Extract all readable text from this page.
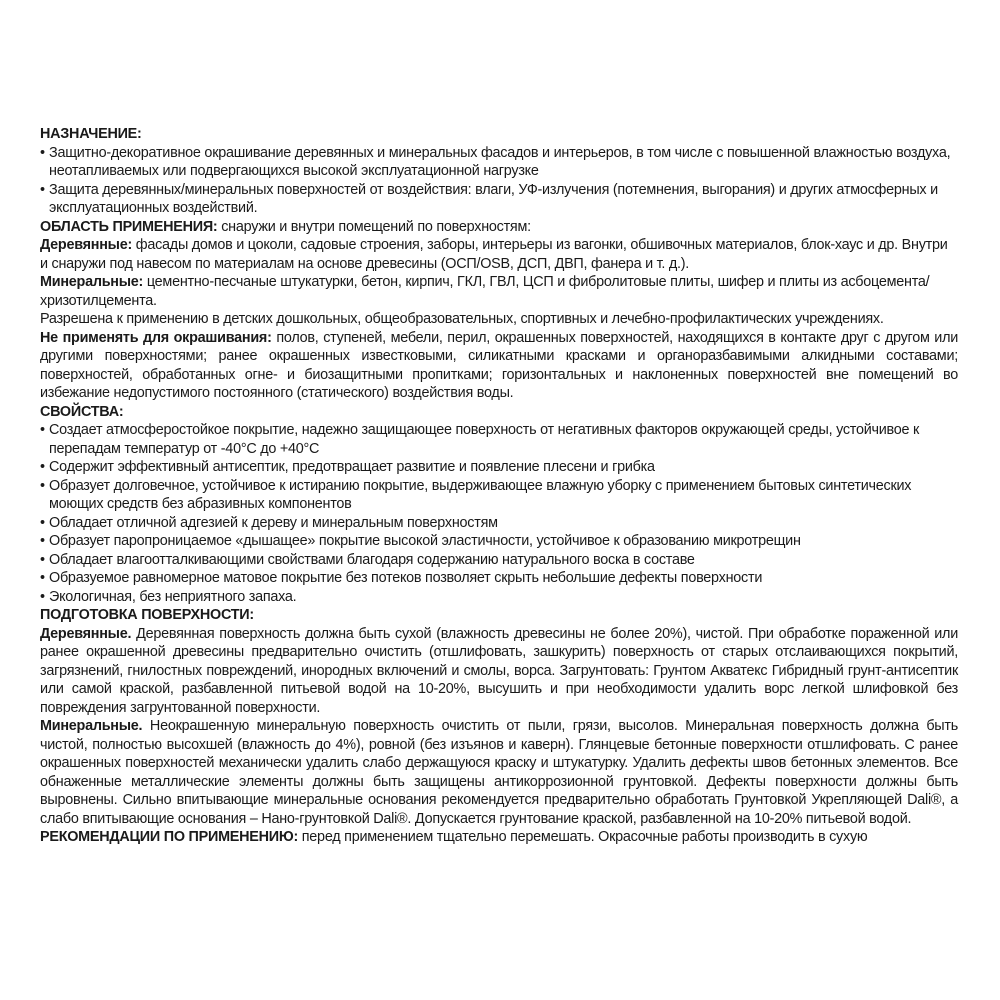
НАЗНАЧЕНИЕ:

• Защитно-декоративное окрашивание деревянных и минеральных фасадов и интерьеров, в том числе с повышенной влажностью воздуха, неотапливаемых или подвергающихся высокой эксплуатационной нагрузке

• Защита деревянных/минеральных поверхностей от воздействия: влаги, УФ-излучения (потемнения, выгорания) и других атмосферных и эксплуатационных воздействий.

ОБЛАСТЬ ПРИМЕНЕНИЯ: снаружи и внутри помещений по поверхностям:

Деревянные: фасады домов и цоколи, садовые строения, заборы, интерьеры из вагонки, обшивочных материалов, блок-хаус и др. Внутри и снаружи под навесом по материалам на основе древесины (ОСП/OSB, ДСП, ДВП, фанера и т. д.).

Минеральные: цементно-песчаные штукатурки, бетон, кирпич, ГКЛ, ГВЛ, ЦСП и фибролитовые плиты, шифер и плиты из асбоцемента/хризотилцемента.

Разрешена к применению в детских дошкольных, общеобразовательных, спортивных и лечебно-профилактических учреждениях.

Не применять для окрашивания: полов, ступеней, мебели, перил, окрашенных поверхностей, находящихся в контакте друг с другом или другими поверхностями; ранее окрашенных известковыми, силикатными красками и органоразбавимыми алкидными составами; поверхностей, обработанных огне- и биозащитными пропитками; горизонтальных и наклоненных поверхностей вне помещений во избежание недопустимого постоянного (статического) воздействия воды.

СВОЙСТВА:

• Создает атмосферостойкое покрытие, надежно защищающее поверхность от негативных факторов окружающей среды, устойчивое к перепадам температур от -40°С до +40°С

• Содержит эффективный антисептик, предотвращает развитие и появление плесени и грибка

• Образует долговечное, устойчивое к истиранию покрытие, выдерживающее влажную уборку с применением бытовых синтетических моющих средств без абразивных компонентов

• Обладает отличной адгезией к дереву и минеральным поверхностям

• Образует паропроницаемое «дышащее» покрытие высокой эластичности, устойчивое к образованию микротрещин

• Обладает влагоотталкивающими свойствами благодаря содержанию натурального воска в составе

• Образуемое равномерное матовое покрытие без потеков позволяет скрыть небольшие дефекты поверхности

• Экологичная, без неприятного запаха.

ПОДГОТОВКА ПОВЕРХНОСТИ:

Деревянные. Деревянная поверхность должна быть сухой (влажность древесины не более 20%), чистой. При обработке пораженной или ранее окрашенной древесины предварительно очистить (отшлифовать, зашкурить) поверхность от старых отслаивающихся покрытий, загрязнений, гнилостных повреждений, инородных включений и смолы, ворса. Загрунтовать: Грунтом Акватекс Гибридный грунт-антисептик или самой краской, разбавленной питьевой водой на 10-20%, высушить и при необходимости удалить ворс легкой шлифовкой без повреждения загрунтованной поверхности.

Минеральные. Неокрашенную минеральную поверхность очистить от пыли, грязи, высолов. Минеральная поверхность должна быть чистой, полностью высохшей (влажность до 4%), ровной (без изъянов и каверн). Глянцевые бетонные поверхности отшлифовать. С ранее окрашенных поверхностей механически удалить слабо держащуюся краску и штукатурку. Удалить дефекты швов бетонных элементов. Все обнаженные металлические элементы должны быть защищены антикоррозионной грунтовкой. Дефекты поверхности должны быть выровнены. Сильно впитывающие минеральные основания рекомендуется предварительно обработать Грунтовкой Укрепляющей Dali®, а слабо впитывающие основания – Нано-грунтовкой Dali®. Допускается грунтование краской, разбавленной на 10-20% питьевой водой.

РЕКОМЕНДАЦИИ ПО ПРИМЕНЕНИЮ: перед применением тщательно перемешать. Окрасочные работы производить в сухую
